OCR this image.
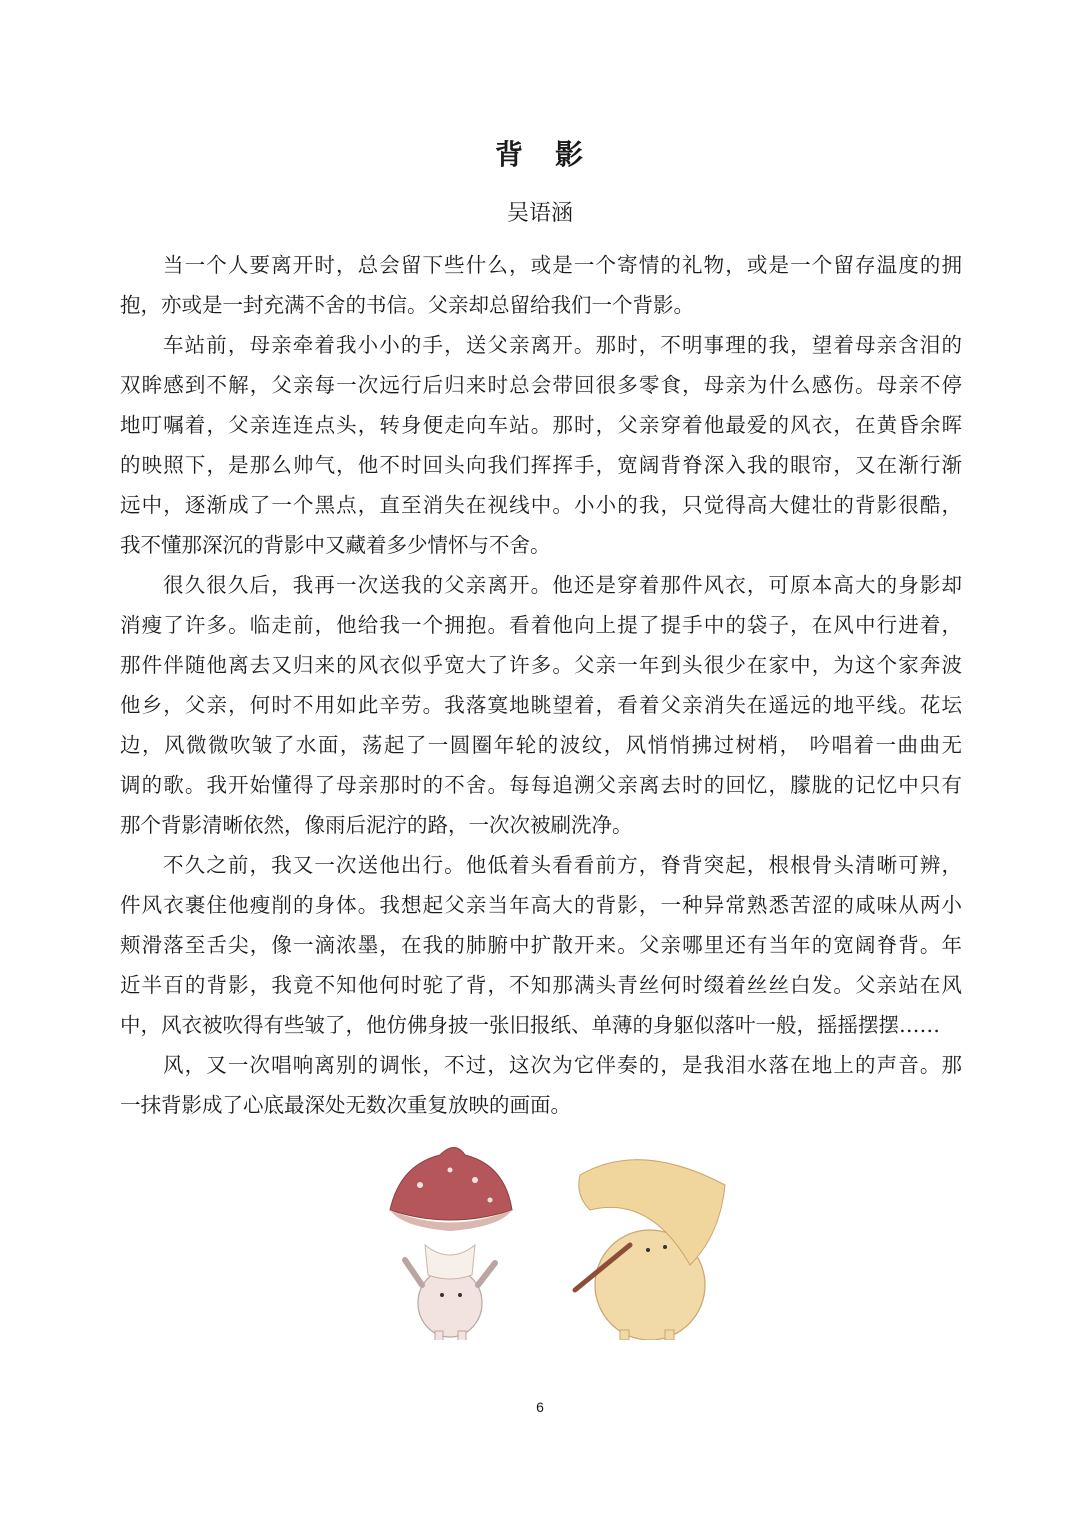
背　影
吴语涵
当一个人要离开时，总会留下些什么，或是一个寄情的礼物，或是一个留存温度的拥
抱，亦或是一封充满不舍的书信。父亲却总留给我们一个背影。
车站前，母亲牵着我小小的手，送父亲离开。那时，不明事理的我，望着母亲含泪的
双眸感到不解，父亲每一次远行后归来时总会带回很多零食，母亲为什么感伤。母亲不停
地叮嘱着，父亲连连点头，转身便走向车站。那时，父亲穿着他最爱的风衣，在黄昏余晖
的映照下，是那么帅气，他不时回头向我们挥挥手，宽阔背脊深入我的眼帘，又在渐行渐
远中，逐渐成了一个黑点，直至消失在视线中。小小的我，只觉得高大健壮的背影很酷，
我不懂那深沉的背影中又藏着多少情怀与不舍。
很久很久后，我再一次送我的父亲离开。他还是穿着那件风衣，可原本高大的身影却
消瘦了许多。临走前，他给我一个拥抱。看着他向上提了提手中的袋子，在风中行进着，
那件伴随他离去又归来的风衣似乎宽大了许多。父亲一年到头很少在家中，为这个家奔波
他乡，父亲，何时不用如此辛劳。我落寞地眺望着，看着父亲消失在遥远的地平线。花坛
边，风微微吹皱了水面，荡起了一圆圈年轮的波纹，风悄悄拂过树梢， 吟唱着一曲曲无
调的歌。我开始懂得了母亲那时的不舍。每每追溯父亲离去时的回忆，朦胧的记忆中只有
那个背影清晰依然，像雨后泥泞的路，一次次被刷洗净。
不久之前，我又一次送他出行。他低着头看看前方，脊背突起，根根骨头清晰可辨，
件风衣裹住他瘦削的身体。我想起父亲当年高大的背影，一种异常熟悉苦涩的咸味从两小
颊滑落至舌尖，像一滴浓墨，在我的肺腑中扩散开来。父亲哪里还有当年的宽阔脊背。年
近半百的背影，我竟不知他何时驼了背，不知那满头青丝何时缀着丝丝白发。父亲站在风
中，风衣被吹得有些皱了，他仿佛身披一张旧报纸、单薄的身躯似落叶一般，摇摇摆摆……
风，又一次唱响离别的调怅，不过，这次为它伴奏的，是我泪水落在地上的声音。那
一抹背影成了心底最深处无数次重复放映的画面。
6
